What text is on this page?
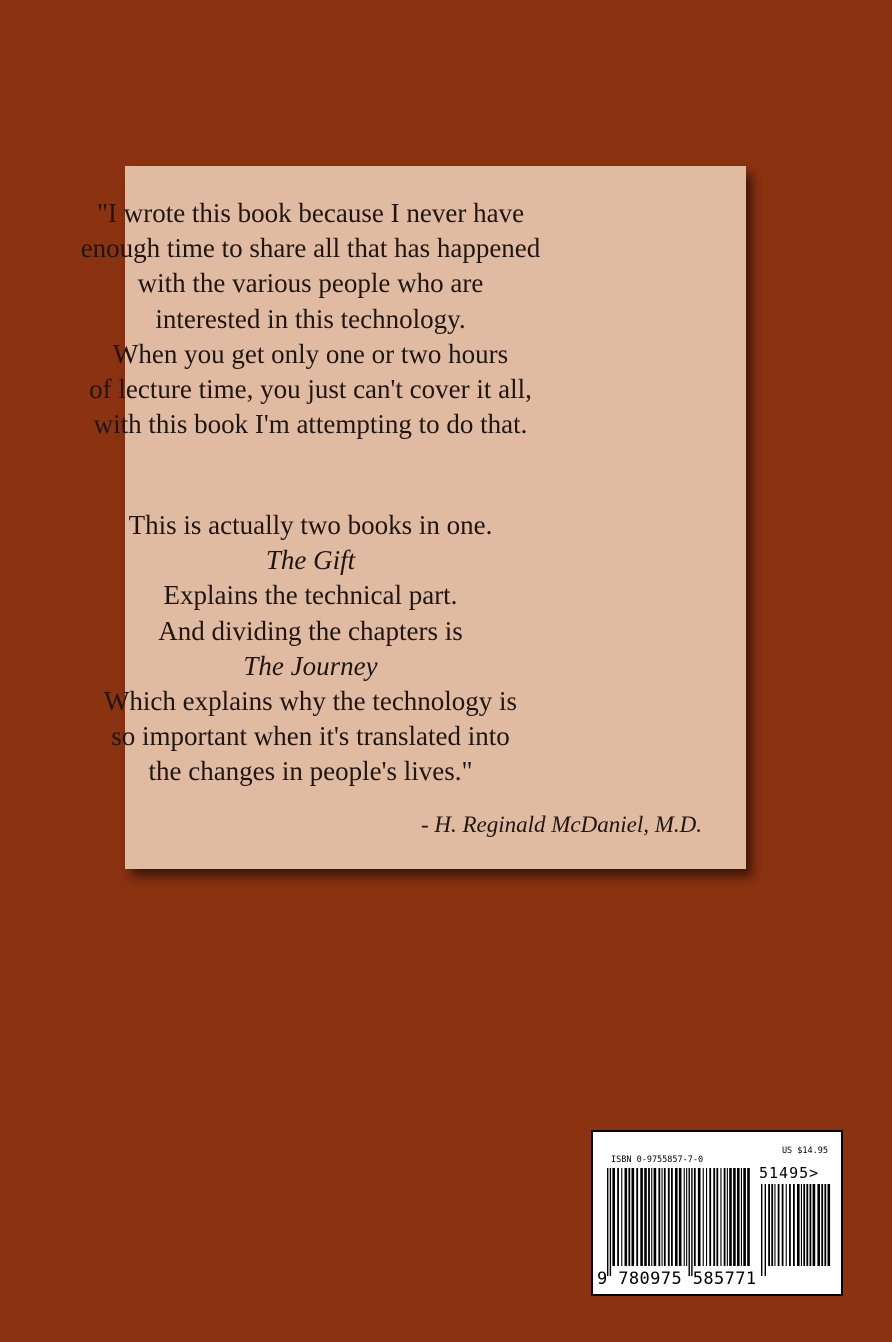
"I wrote this book because I never have
enough time to share all that has happened
with the various people who are
interested in this technology.
When you get only one or two hours
of lecture time, you just can't cover it all,
with this book I'm attempting to do that.
This is actually two books in one.
The Gift
Explains the technical part.
And dividing the chapters is
The Journey
Which explains why the technology is
so important when it's translated into
the changes in people's lives."
- H. Reginald McDaniel, M.D.
ISBN 0-9755857-7-0
US $14.95
51495>
9 780975 585771
